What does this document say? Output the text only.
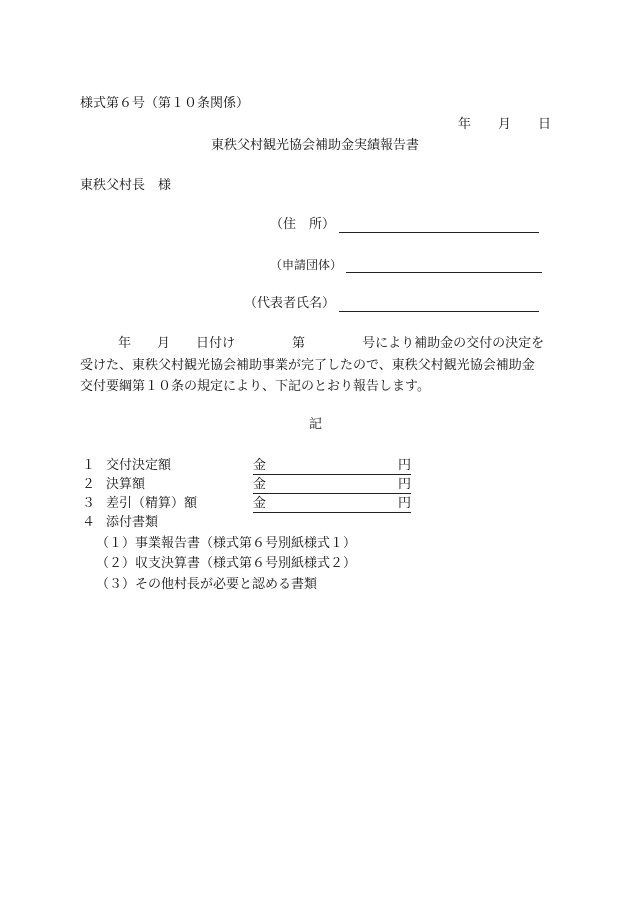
様式第６号（第１０条関係）
年 月 日
東秩父村観光協会補助金実績報告書
東秩父村長　様
（住　所）
（申請団体）
（代表者氏名）
年 月 日付け	第	号により補助金の交付の決定を
受けた、東秩父村観光協会補助事業が完了したので、東秩父村観光協会補助金
交付要綱第１０条の規定により、下記のとおり報告します。
記
１ 交付決定額	金	円
２ 決算額	金	円
３ 差引（精算）額	金	円
４ 添付書類
（１）事業報告書（様式第６号別紙様式１）
（２）収支決算書（様式第６号別紙様式２）
（３）その他村長が必要と認める書類
